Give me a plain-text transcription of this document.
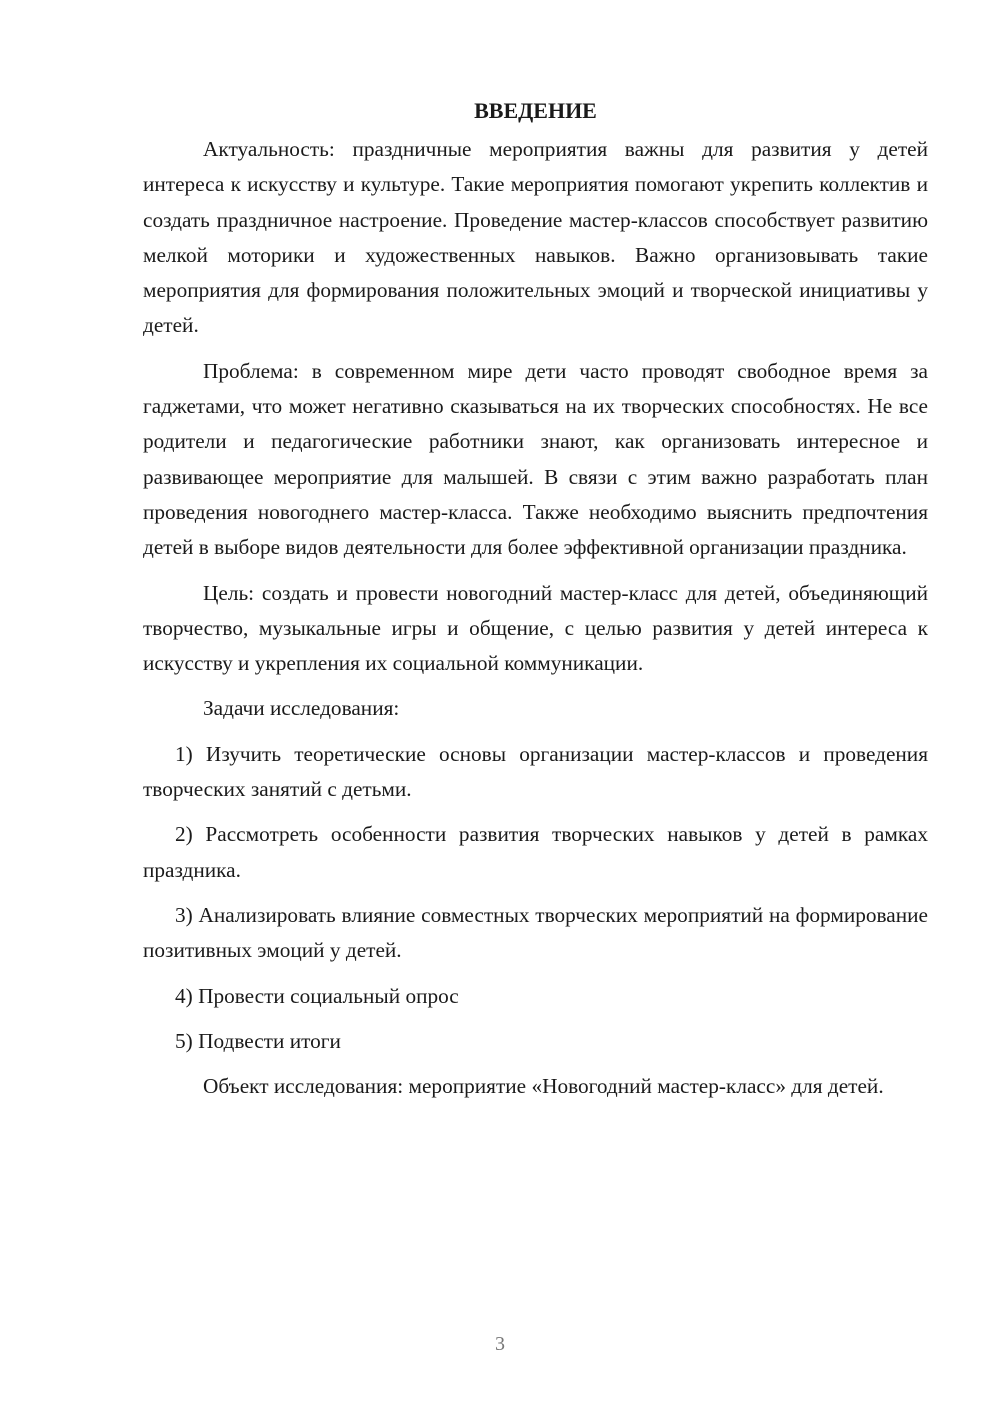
ВВЕДЕНИЕ

Актуальность: праздничные мероприятия важны для развития у детей интереса к искусству и культуре. Такие мероприятия помогают укрепить коллектив и создать праздничное настроение. Проведение мастер-классов способствует развитию мелкой моторики и художественных навыков. Важно организовывать такие мероприятия для формирования положительных эмоций и творческой инициативы у детей.

Проблема: в современном мире дети часто проводят свободное время за гаджетами, что может негативно сказываться на их творческих способностях. Не все родители и педагогические работники знают, как организовать интересное и развивающее мероприятие для малышей. В связи с этим важно разработать план проведения новогоднего мастер-класса. Также необходимо выяснить предпочтения детей в выборе видов деятельности для более эффективной организации праздника.

Цель: создать и провести новогодний мастер-класс для детей, объединяющий творчество, музыкальные игры и общение, с целью развития у детей интереса к искусству и укрепления их социальной коммуникации.

Задачи исследования:

1) Изучить теоретические основы организации мастер-классов и проведения творческих занятий с детьми.

2) Рассмотреть особенности развития творческих навыков у детей в рамках праздника.

3) Анализировать влияние совместных творческих мероприятий на формирование позитивных эмоций у детей.

4) Провести социальный опрос

5) Подвести итоги

Объект исследования: мероприятие «Новогодний мастер-класс» для детей.

3
